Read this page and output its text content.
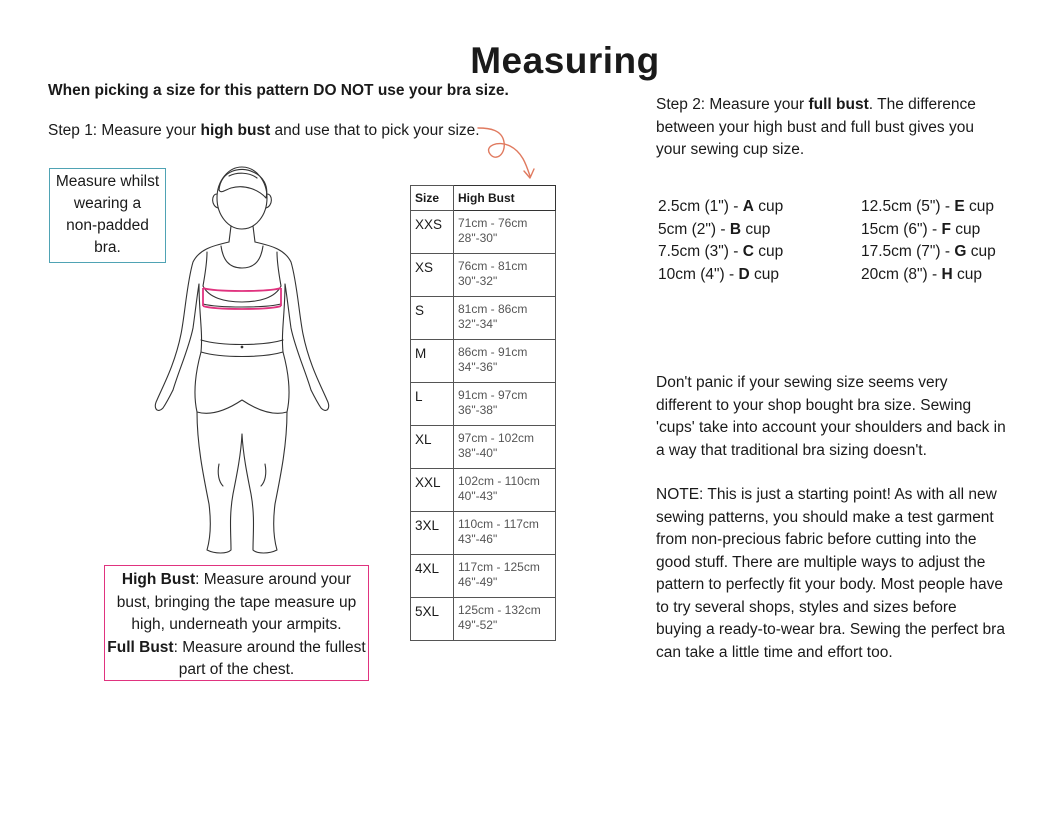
Measuring
When picking a size for this pattern DO NOT use your bra size.
Step 1: Measure your high bust and use that to pick your size.
Measure whilst
wearing a
non-padded
bra.
Size	High Bust
XXS	71cm - 76cm
28"-30"

XS	76cm - 81cm
30"-32"

S	81cm - 86cm
32"-34"

M	86cm - 91cm
34"-36"

L	91cm - 97cm
36"-38"

XL	97cm - 102cm
38"-40"

XXL	102cm - 110cm
40"-43"

3XL	110cm - 117cm
43"-46"

4XL	117cm - 125cm
46"-49"

5XL	125cm - 132cm
49"-52"
High Bust: Measure around your bust, bringing the tape measure up high, underneath your armpits.
Full Bust: Measure around the fullest part of the chest.
Step 2: Measure your full bust. The difference between your high bust and full bust gives you your sewing cup size.
2.5cm (1") - A cup
5cm (2") - B cup
7.5cm (3") - C cup
10cm (4") - D cup
12.5cm (5") - E cup
15cm (6") - F cup
17.5cm (7") - G cup
20cm (8") - H cup
Don't panic if your sewing size seems very different to your shop bought bra size. Sewing 'cups' take into account your shoulders and back in a way that traditional bra sizing doesn't.
NOTE: This is just a starting point! As with all new sewing patterns, you should make a test garment from non-precious fabric before cutting into the good stuff. There are multiple ways to adjust the pattern to perfectly fit your body. Most people have to try several shops, styles and sizes before buying a ready-to-wear bra. Sewing the perfect bra can take a little time and effort too.
